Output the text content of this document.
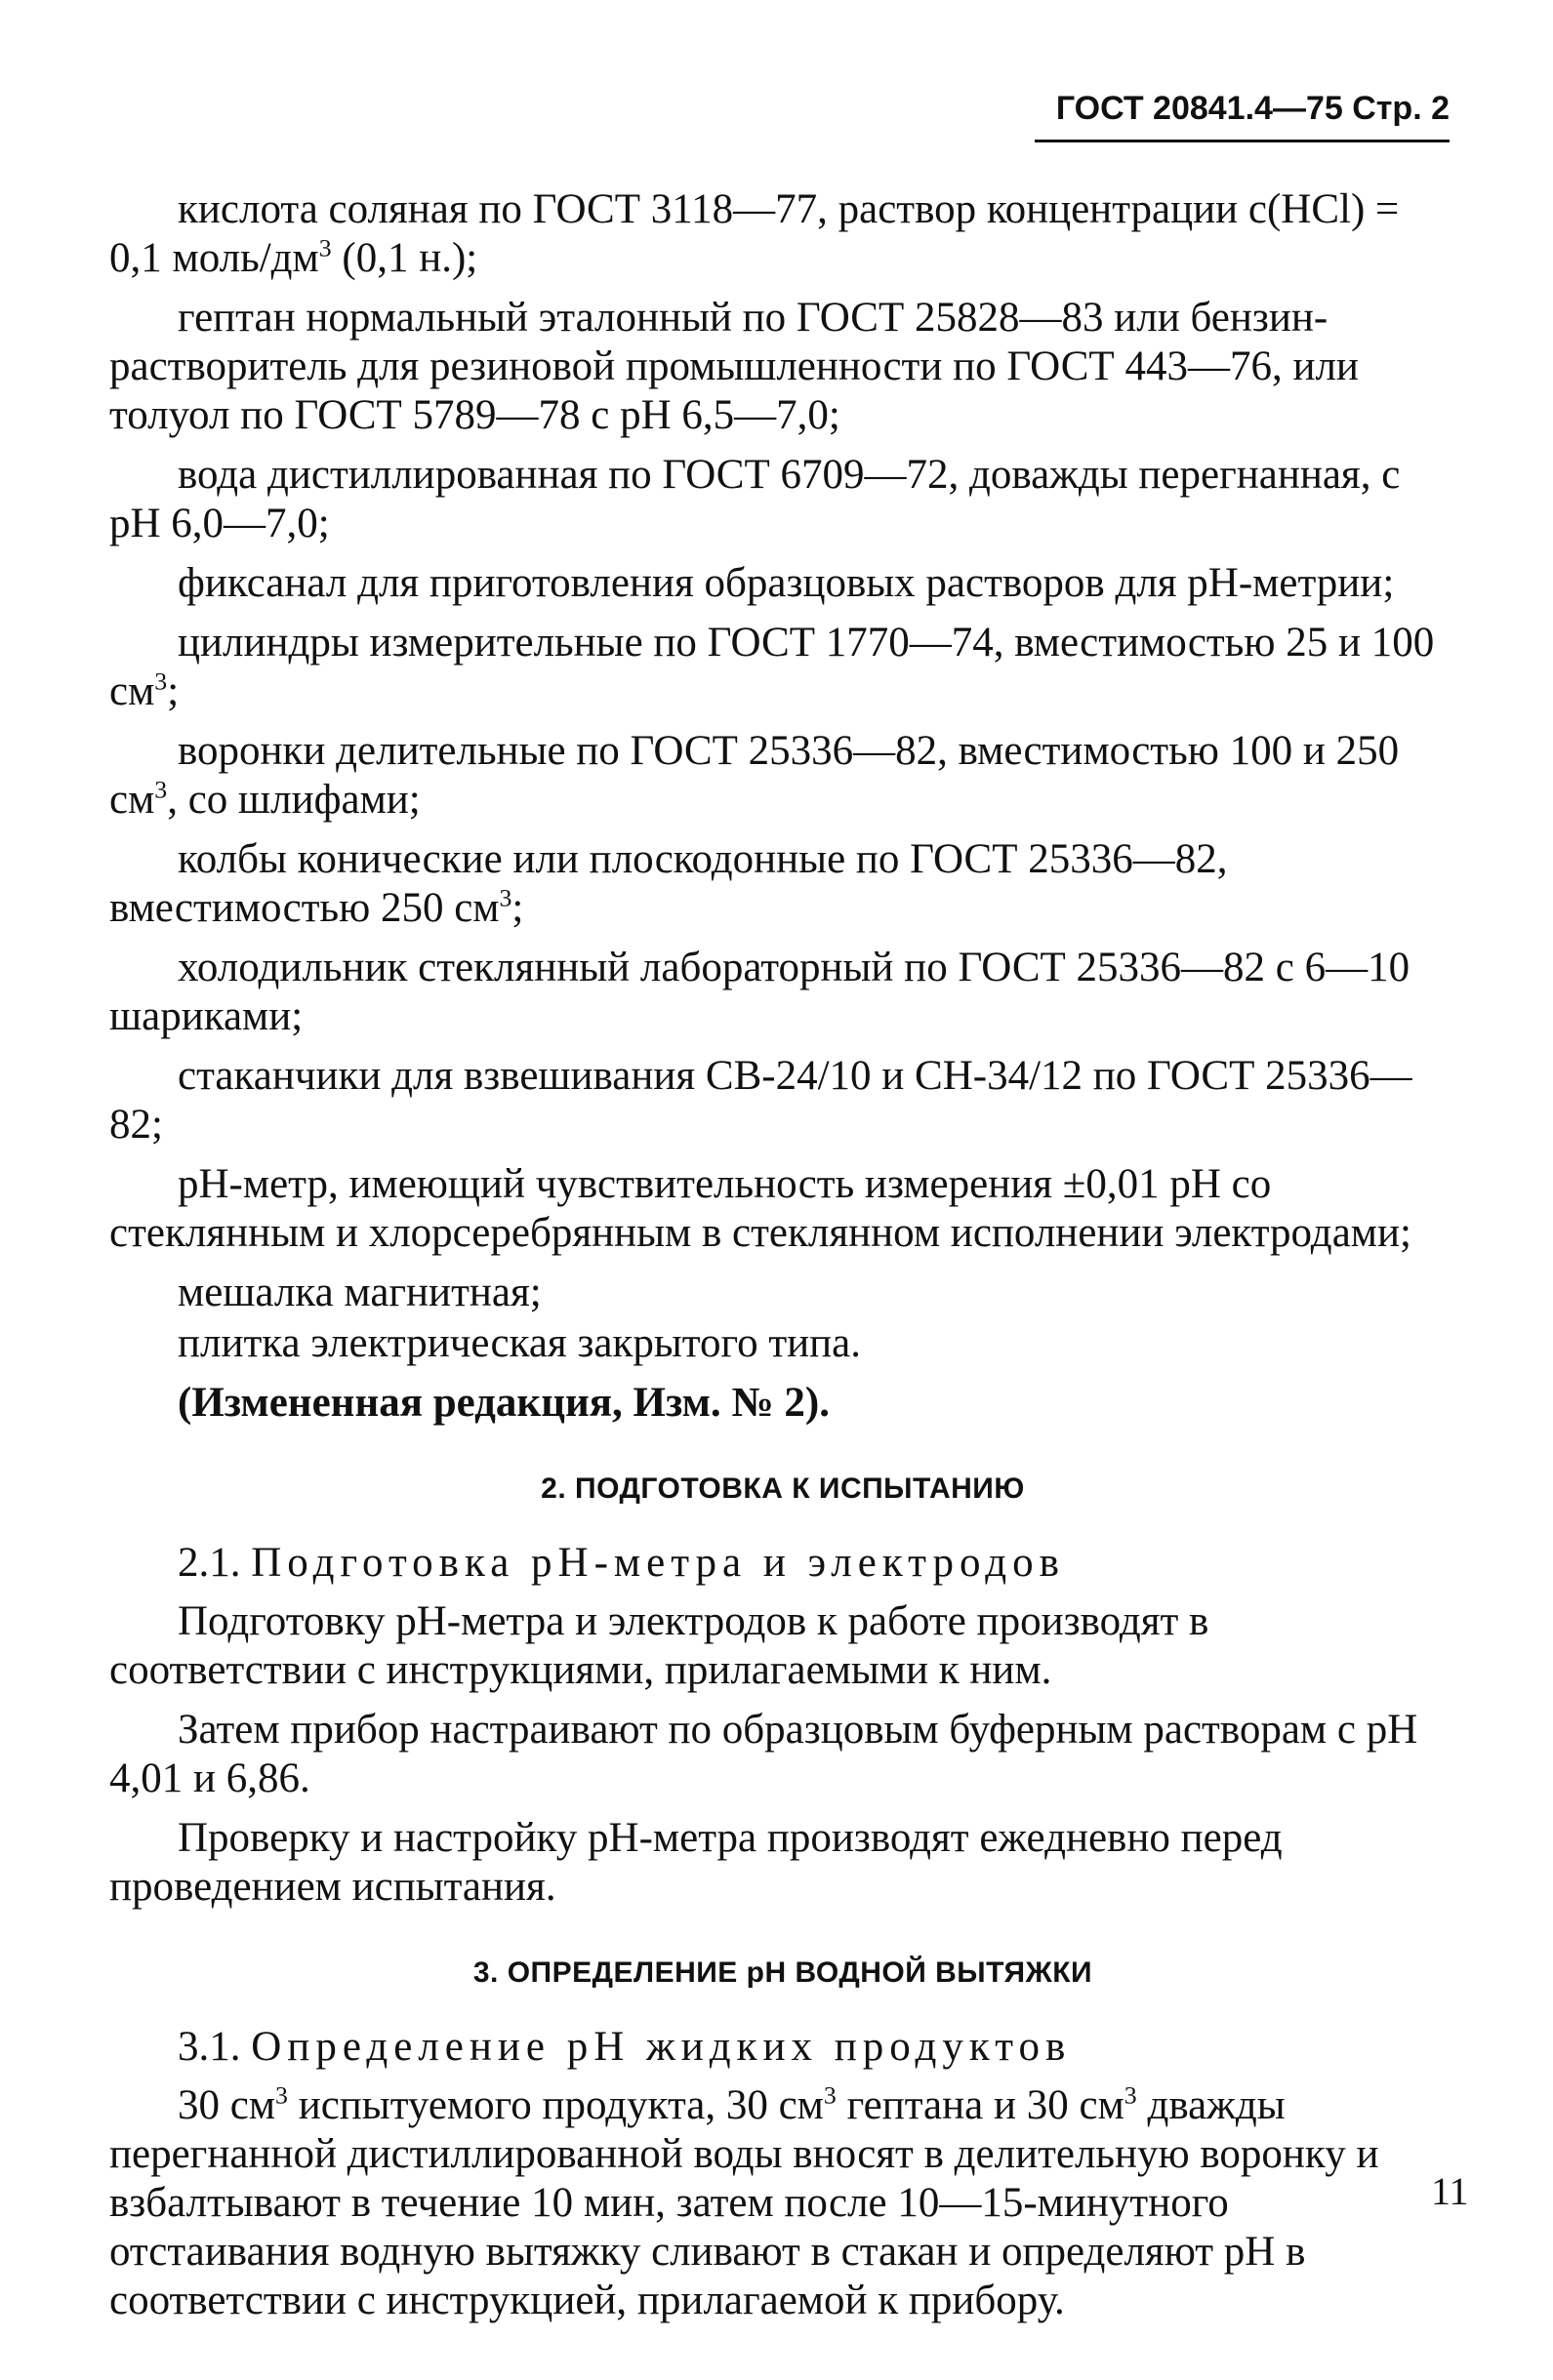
ГОСТ 20841.4—75 Стр. 2

кислота соляная по ГОСТ 3118—77, раствор концентрации с(НСl) = 0,1 моль/$дм^3$ (0,1 н.);

гептан нормальный эталонный по ГОСТ 25828—83 или бензин-растворитель для резиновой промышленности по ГОСТ 443—76, или толуол по ГОСТ 5789—78 с рН 6,5—7,0;

вода дистиллированная по ГОСТ 6709—72, доважды перегнанная, с рН 6,0—7,0;

фиксанал для приготовления образцовых растворов для рН-метрии;

цилиндры измерительные по ГОСТ 1770—74, вместимостью 25 и 100 $см^3$;

воронки делительные по ГОСТ 25336—82, вместимостью 100 и 250 $см^3$, со шлифами;

колбы конические или плоскодонные по ГОСТ 25336—82, вместимостью 250 $см^3$;

холодильник стеклянный лабораторный по ГОСТ 25336—82 с 6—10 шариками;

стаканчики для взвешивания СВ-24/10 и СН-34/12 по ГОСТ 25336—82;

рН-метр, имеющий чувствительность измерения ±0,01 рН со стеклянным и хлорсеребрянным в стеклянном исполнении электродами;

мешалка магнитная;

плитка электрическая закрытого типа.

(Измененная редакция, Изм. № 2).

2. ПОДГОТОВКА К ИСПЫТАНИЮ
2.1. Подготовка рН-метра и электродов

Подготовку рН-метра и электродов к работе производят в соответствии с инструкциями, прилагаемыми к ним.

Затем прибор настраивают по образцовым буферным растворам с рН 4,01 и 6,86.

Проверку и настройку рН-метра производят ежедневно перед проведением испытания.

3. ОПРЕДЕЛЕНИЕ рН ВОДНОЙ ВЫТЯЖКИ
3.1. Определение рН жидких продуктов

30 $см^3$ испытуемого продукта, 30 $см^3$ гептана и 30 $см^3$ дважды перегнанной дистиллированной воды вносят в делительную воронку и взбалтывают в течение 10 мин, затем после 10—15-минутного отстаивания водную вытяжку сливают в стакан и определяют рН в соответствии с инструкцией, прилагаемой к прибору.

11
